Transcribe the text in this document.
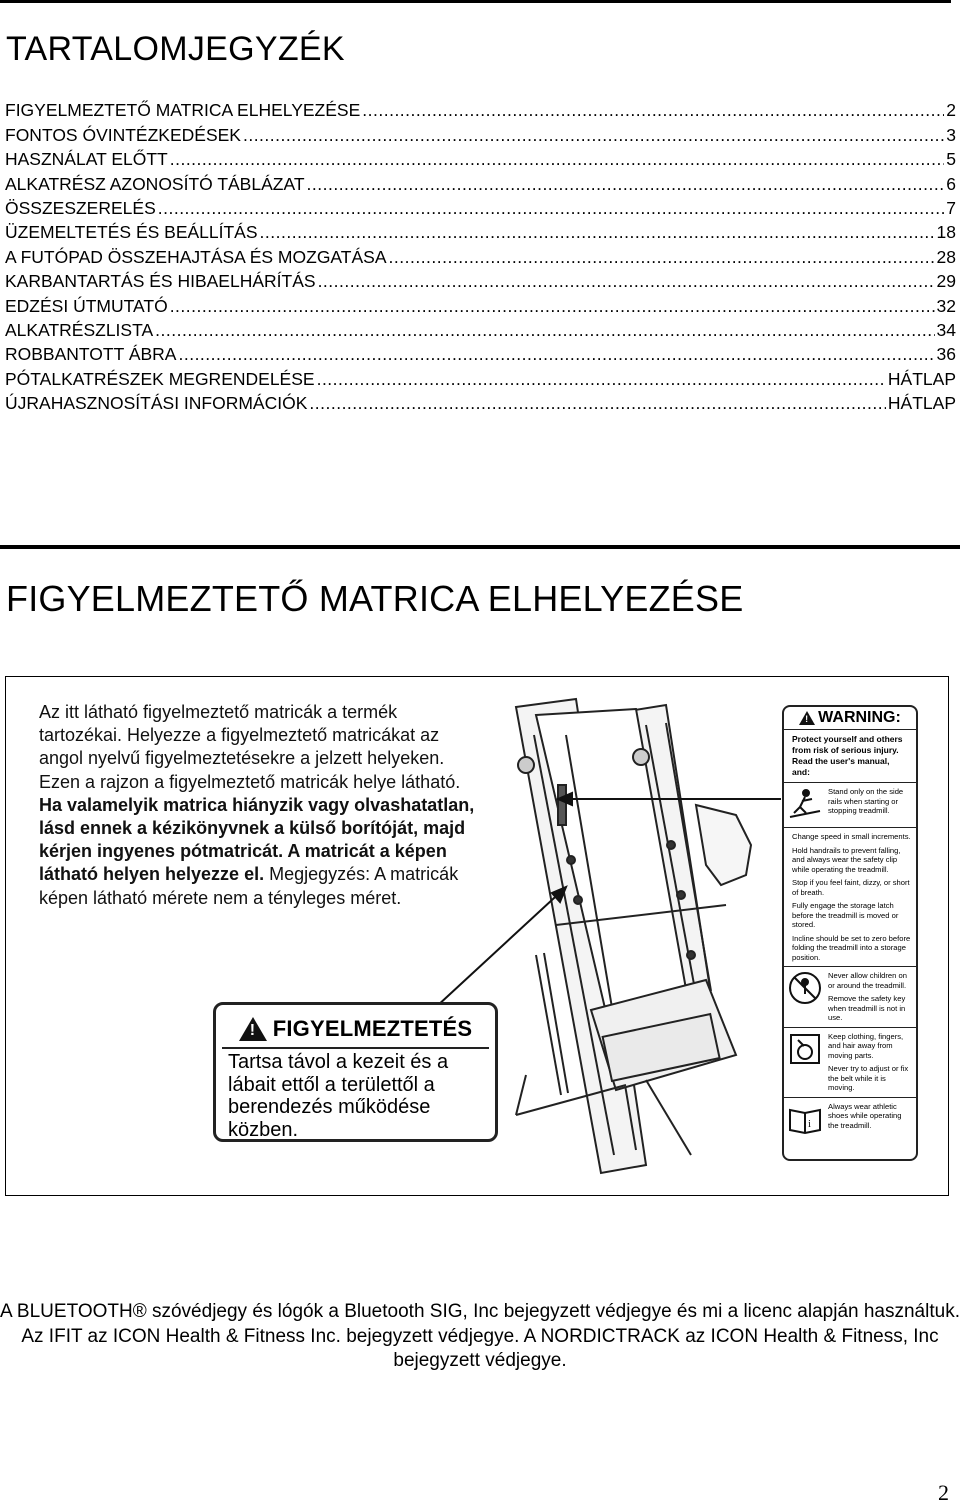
TARTALOMJEGYZÉK
FIGYELMEZTETŐ MATRICA ELHELYEZÉSE .....	2
FONTOS ÓVINTÉZKEDÉSEK .....	3
HASZNÁLAT ELŐTT .....	5
ALKATRÉSZ AZONOSÍTÓ TÁBLÁZAT .....	6
ÖSSZESZERELÉS .....	7
ÜZEMELTETÉS ÉS BEÁLLÍTÁS .....	18
A FUTÓPAD ÖSSZEHAJTÁSA ÉS MOZGATÁSA .....	28
KARBANTARTÁS ÉS HIBAELHÁRÍTÁS .....	29
EDZÉSI ÚTMUTATÓ .....	32
ALKATRÉSZLISTA .....	34
ROBBANTOTT ÁBRA .....	36
PÓTALKATRÉSZEK MEGRENDELÉSE .....	HÁTLAP
ÚJRAHASZNOSÍTÁSI INFORMÁCIÓK .....	HÁTLAP
FIGYELMEZTETŐ MATRICA ELHELYEZÉSE

Az itt látható figyelmeztető matricák a termék tartozékai. Helyezze a figyelmeztető matricákat az angol nyelvű figyelmeztetésekre a jelzett helyeken. Ezen a rajzon a figyelmeztető matricák helye látható. Ha valamelyik matrica hiányzik vagy olvashatatlan, lásd ennek a kézikönyvnek a külső borítóját, majd kérjen ingyenes pótmatricát. A matricát a képen látható helyen helyezze el. Megjegyzés: A matricák képen látható mérete nem a tényleges méret.

! FIGYELMEZTETÉS
Tartsa távol a kezeit és a
lábait ettől a területtől a
berendezés működése
közben.
! WARNING:
Protect yourself and others from risk of serious injury. Read the user's manual, and:
Stand only on the side rails when starting or stopping treadmill.
Change speed in small increments.
Hold handrails to prevent falling, and always wear the safety clip while operating the treadmill.
Stop if you feel faint, dizzy, or short of breath.
Fully engage the storage latch before the treadmill is moved or stored.
Incline should be set to zero before folding the treadmill into a storage position.
Never allow children on or around the treadmill.
Remove the safety key when treadmill is not in use.
Keep clothing, fingers, and hair away from moving parts.
Never try to adjust or fix the belt while it is moving.
i
Always wear athletic shoes while operating the treadmill.

A BLUETOOTH® szóvédjegy és lógók a Bluetooth SIG, Inc bejegyzett védjegye és mi a licenc alapján használtuk. Az IFIT az ICON Health & Fitness Inc. bejegyzett védjegye. A NORDICTRACK az ICON Health & Fitness, Inc bejegyzett védjegye.

2
